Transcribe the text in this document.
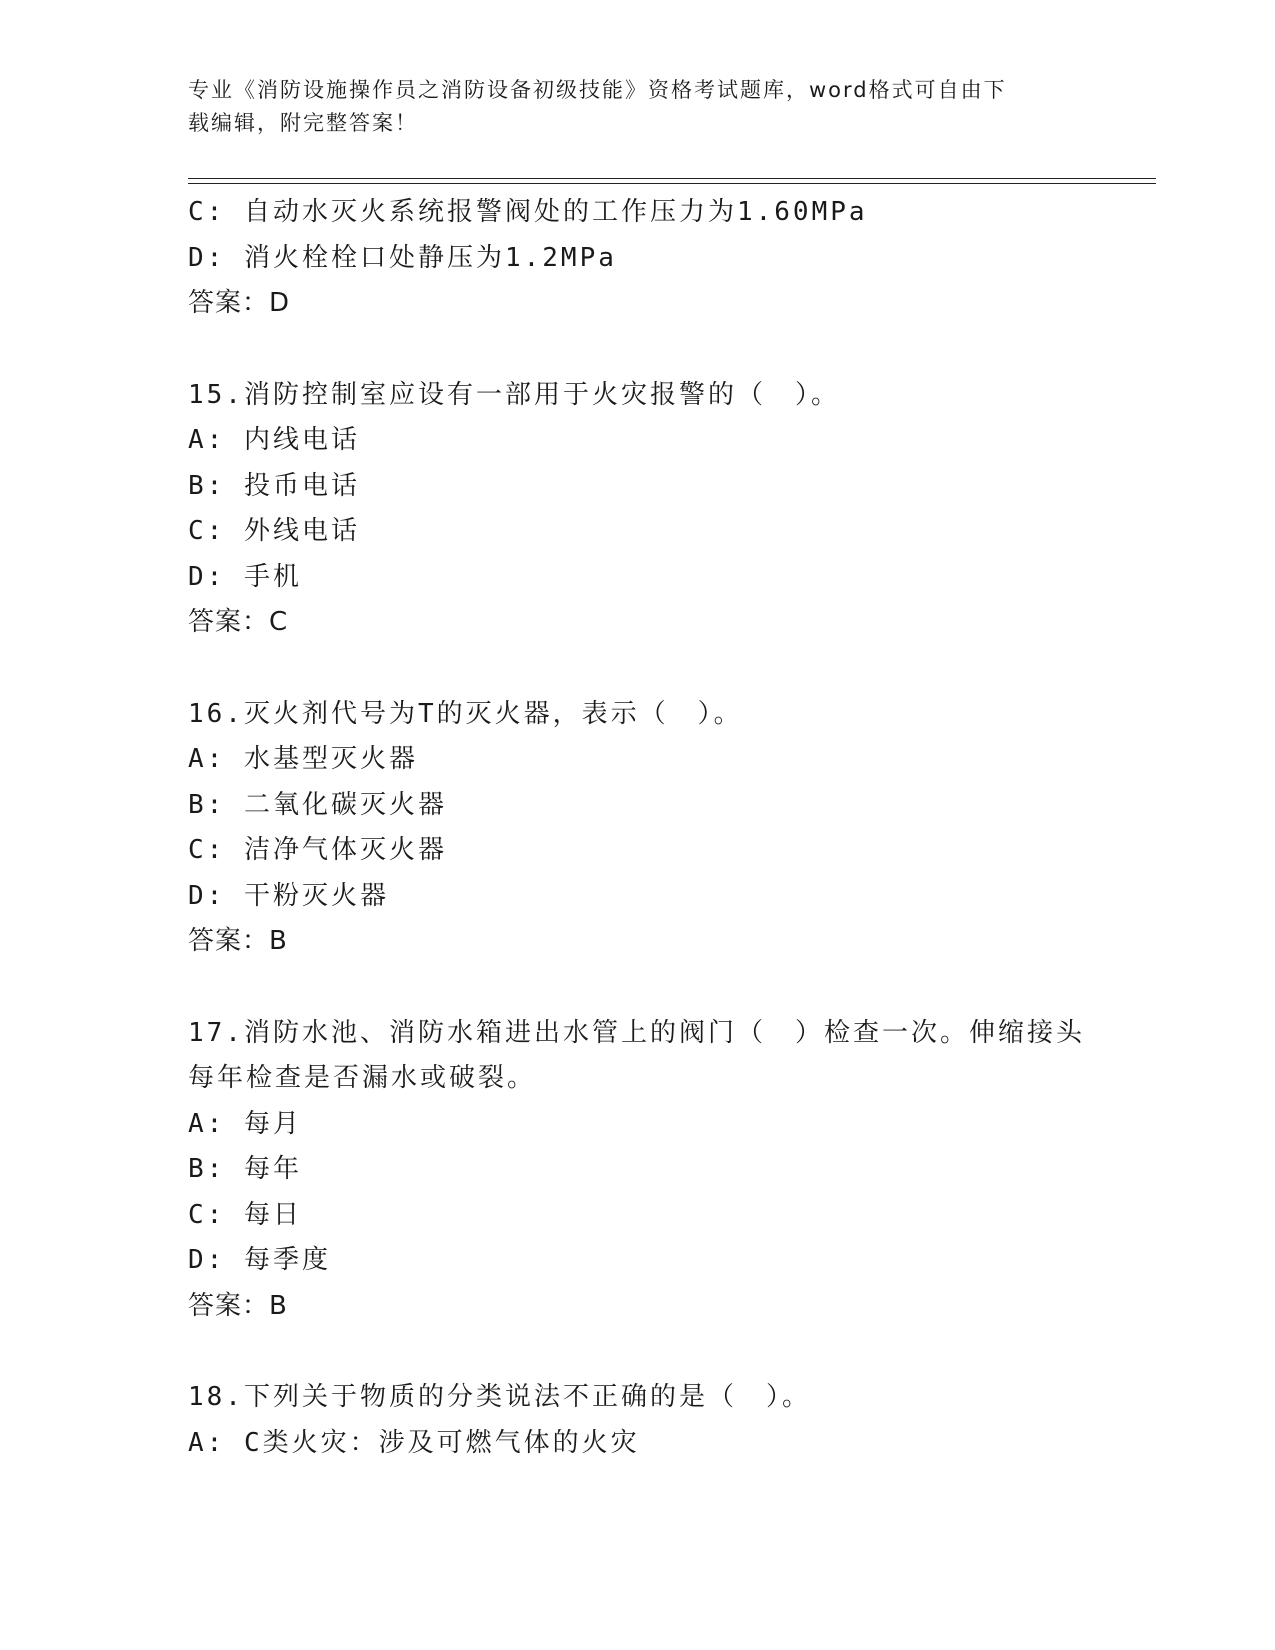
专业《消防设施操作员之消防设备初级技能》资格考试题库，word格式可自由下
载编辑，附完整答案！
C: 自动水灭火系统报警阀处的工作压力为1.60MPa
D: 消火栓栓口处静压为1.2MPa
答案：D
15.消防控制室应设有一部用于火灾报警的（　）。
A: 内线电话
B: 投币电话
C: 外线电话
D: 手机
答案：C
16.灭火剂代号为T的灭火器，表示（　）。
A: 水基型灭火器
B: 二氧化碳灭火器
C: 洁净气体灭火器
D: 干粉灭火器
答案：B
17.消防水池、消防水箱进出水管上的阀门（　）检查一次。伸缩接头
每年检查是否漏水或破裂。
A: 每月
B: 每年
C: 每日
D: 每季度
答案：B
18.下列关于物质的分类说法不正确的是（　）。
A: C类火灾：涉及可燃气体的火灾
